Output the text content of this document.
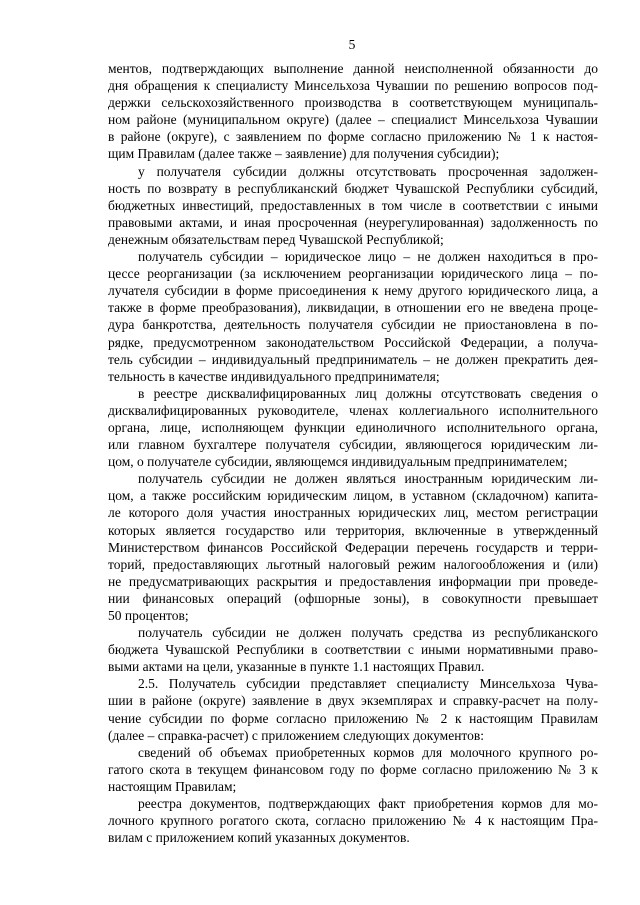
5

ментов, подтверждающих выполнение данной неисполненной обязанности до
дня обращения к специалисту Минсельхоза Чувашии по решению вопросов под-
держки сельскохозяйственного производства в соответствующем муниципаль-
ном районе (муниципальном округе) (далее – специалист Минсельхоза Чувашии
в районе (округе), с заявлением по форме согласно приложению № 1 к настоя-
щим Правилам (далее также – заявление) для получения субсидии);

у получателя субсидии должны отсутствовать просроченная задолжен-
ность по возврату в республиканский бюджет Чувашской Республики субсидий,
бюджетных инвестиций, предоставленных в том числе в соответствии с иными
правовыми актами, и иная просроченная (неурегулированная) задолженность по
денежным обязательствам перед Чувашской Республикой;

получатель субсидии – юридическое лицо – не должен находиться в про-
цессе реорганизации (за исключением реорганизации юридического лица – по-
лучателя субсидии в форме присоединения к нему другого юридического лица, а
также в форме преобразования), ликвидации, в отношении его не введена проце-
дура банкротства, деятельность получателя субсидии не приостановлена в по-
рядке, предусмотренном законодательством Российской Федерации, а получа-
тель субсидии – индивидуальный предприниматель – не должен прекратить дея-
тельность в качестве индивидуального предпринимателя;

в реестре дисквалифицированных лиц должны отсутствовать сведения о
дисквалифицированных руководителе, членах коллегиального исполнительного
органа, лице, исполняющем функции единоличного исполнительного органа,
или главном бухгалтере получателя субсидии, являющегося юридическим ли-
цом, о получателе субсидии, являющемся индивидуальным предпринимателем;

получатель субсидии не должен являться иностранным юридическим ли-
цом, а также российским юридическим лицом, в уставном (складочном) капита-
ле которого доля участия иностранных юридических лиц, местом регистрации
которых является государство или территория, включенные в утвержденный
Министерством финансов Российской Федерации перечень государств и терри-
торий, предоставляющих льготный налоговый режим налогообложения и (или)
не предусматривающих раскрытия и предоставления информации при проведе-
нии финансовых операций (офшорные зоны), в совокупности превышает
50 процентов;

получатель субсидии не должен получать средства из республиканского
бюджета Чувашской Республики в соответствии с иными нормативными право-
выми актами на цели, указанные в пункте 1.1 настоящих Правил.

2.5. Получатель субсидии представляет специалисту Минсельхоза Чува-
шии в районе (округе) заявление в двух экземплярах и справку-расчет на полу-
чение субсидии по форме согласно приложению № 2 к настоящим Правилам
(далее – справка-расчет) с приложением следующих документов:

сведений об объемах приобретенных кормов для молочного крупного ро-
гатого скота в текущем финансовом году по форме согласно приложению № 3 к
настоящим Правилам;

реестра документов, подтверждающих факт приобретения кормов для мо-
лочного крупного рогатого скота, согласно приложению № 4 к настоящим Пра-
вилам с приложением копий указанных документов.
